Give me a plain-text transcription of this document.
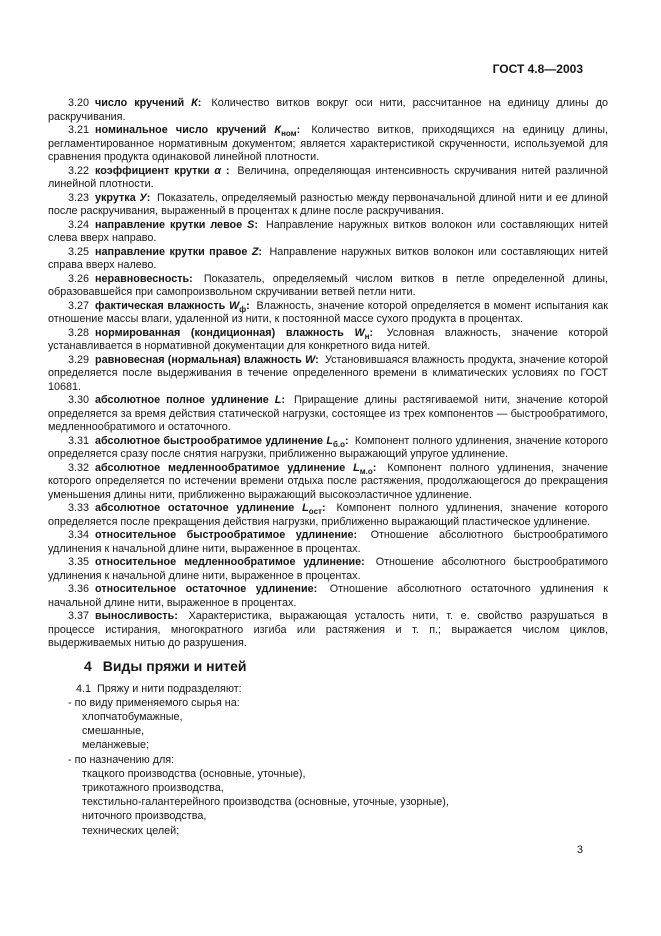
ГОСТ 4.8—2003

3.20 число кручений К: Количество витков вокруг оси нити, рассчитанное на единицу длины до раскручивания.

3.21 номинальное число кручений $К_{ном}$: Количество витков, приходящихся на единицу длины, регламентированное нормативным документом; является характеристикой скрученности, используемой для сравнения продукта одинаковой линейной плотности.

3.22 коэффициент крутки α : Величина, определяющая интенсивность скручивания нитей различной линейной плотности.

3.23 укрутка У: Показатель, определяемый разностью между первоначальной длиной нити и ее длиной после раскручивания, выраженный в процентах к длине после раскручивания.

3.24 направление крутки левое S: Направление наружных витков волокон или составляющих нитей слева вверх направо.

3.25 направление крутки правое Z: Направление наружных витков волокон или составляющих нитей справа вверх налево.

3.26 неравновесность: Показатель, определяемый числом витков в петле определенной длины, образовавшейся при самопроизвольном скручивании ветвей петли нити.

3.27 фактическая влажность $W_ф$: Влажность, значение которой определяется в момент испытания как отношение массы влаги, удаленной из нити, к постоянной массе сухого продукта в процентах.

3.28 нормированная (кондиционная) влажность $W_н$: Условная влажность, значение которой устанавливается в нормативной документации для конкретного вида нитей.

3.29 равновесная (нормальная) влажность W: Установившаяся влажность продукта, значение которой определяется после выдерживания в течение определенного времени в климатических условиях по ГОСТ 10681.

3.30 абсолютное полное удлинение L: Приращение длины растягиваемой нити, значение которой определяется за время действия статической нагрузки, состоящее из трех компонентов — быстрообратимого, медленнообратимого и остаточного.

3.31 абсолютное быстрообратимое удлинение $L_{б.о}$: Компонент полного удлинения, значение которого определяется сразу после снятия нагрузки, приближенно выражающий упругое удлинение.

3.32 абсолютное медленнообратимое удлинение $L_{м.о}$: Компонент полного удлинения, значение которого определяется по истечении времени отдыха после растяжения, продолжающегося до прекращения уменьшения длины нити, приближенно выражающий высокоэластичное удлинение.

3.33 абсолютное остаточное удлинение $L_{ост}$: Компонент полного удлинения, значение которого определяется после прекращения действия нагрузки, приближенно выражающий пластическое удлинение.

3.34 относительное быстрообратимое удлинение: Отношение абсолютного быстрообратимого удлинения к начальной длине нити, выраженное в процентах.

3.35 относительное медленнообратимое удлинение: Отношение абсолютного быстрообратимого удлинения к начальной длине нити, выраженное в процентах.

3.36 относительное остаточное удлинение: Отношение абсолютного остаточного удлинения к начальной длине нити, выраженное в процентах.

3.37 выносливость: Характеристика, выражающая усталость нити, т. е. свойство разрушаться в процессе истирания, многократного изгиба или растяжения и т. п.; выражается числом циклов, выдерживаемых нитью до разрушения.

4 Виды пряжи и нитей

4.1 Пряжу и нити подразделяют:

- по виду применяемого сырья на:

хлопчатобумажные,

смешанные,

меланжевые;

- по назначению для:

ткацкого производства (основные, уточные),

трикотажного производства,

текстильно-галантерейного производства (основные, уточные, узорные),

ниточного производства,

технических целей;

3
